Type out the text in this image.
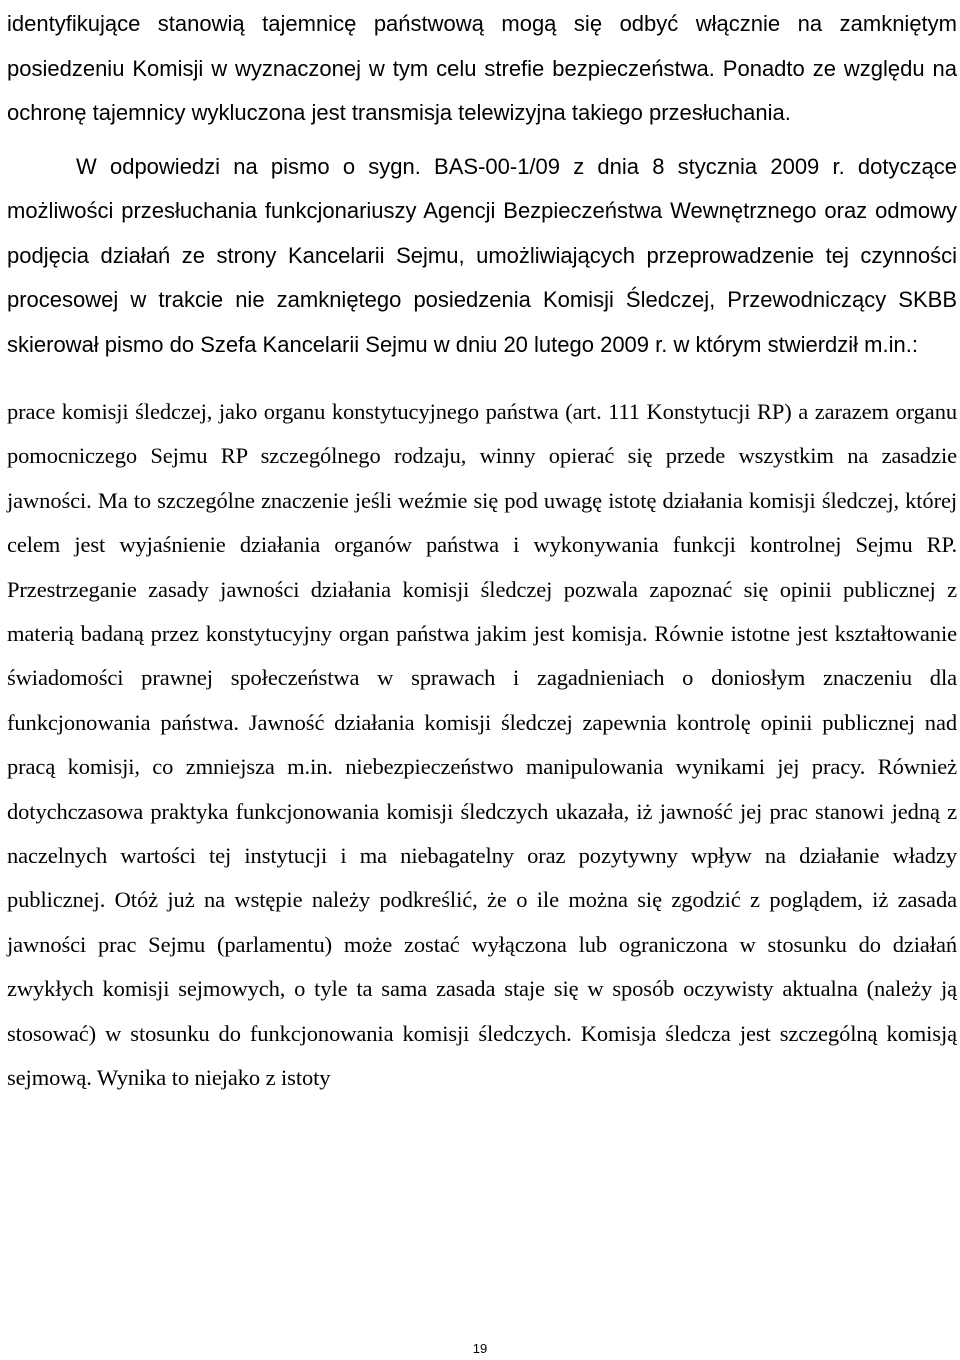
identyfikujące stanowią tajemnicę państwową mogą się odbyć włącznie na zamkniętym posiedzeniu Komisji w wyznaczonej w tym celu strefie bezpieczeństwa. Ponadto ze względu na ochronę tajemnicy wykluczona jest transmisja telewizyjna takiego przesłuchania.

W odpowiedzi na pismo o sygn. BAS-00-1/09 z dnia 8 stycznia 2009 r. dotyczące możliwości przesłuchania funkcjonariuszy Agencji Bezpieczeństwa Wewnętrznego oraz odmowy podjęcia działań ze strony Kancelarii Sejmu, umożliwiających przeprowadzenie tej czynności procesowej w trakcie nie zamkniętego posiedzenia Komisji Śledczej, Przewodniczący SKBB skierował pismo do Szefa Kancelarii Sejmu w dniu 20 lutego 2009 r. w którym stwierdził m.in.:

prace komisji śledczej, jako organu konstytucyjnego państwa (art. 111 Konstytucji RP) a zarazem organu pomocniczego Sejmu RP szczególnego rodzaju, winny opierać się przede wszystkim na zasadzie jawności. Ma to szczególne znaczenie jeśli weźmie się pod uwagę istotę działania komisji śledczej, której celem jest wyjaśnienie działania organów państwa i wykonywania funkcji kontrolnej Sejmu RP. Przestrzeganie zasady jawności działania komisji śledczej pozwala zapoznać się opinii publicznej z materią badaną przez konstytucyjny organ państwa jakim jest komisja. Równie istotne jest kształtowanie świadomości prawnej społeczeństwa w sprawach i zagadnieniach o doniosłym znaczeniu dla funkcjonowania państwa. Jawność działania komisji śledczej zapewnia kontrolę opinii publicznej nad pracą komisji, co zmniejsza m.in. niebezpieczeństwo manipulowania wynikami jej pracy. Również dotychczasowa praktyka funkcjonowania komisji śledczych ukazała, iż jawność jej prac stanowi jedną z naczelnych wartości tej instytucji i ma niebagatelny oraz pozytywny wpływ na działanie władzy publicznej. Otóż już na wstępie należy podkreślić, że o ile można się zgodzić z poglądem, iż zasada jawności prac Sejmu (parlamentu) może zostać wyłączona lub ograniczona w stosunku do działań zwykłych komisji sejmowych, o tyle ta sama zasada staje się w sposób oczywisty aktualna (należy ją stosować) w stosunku do funkcjonowania komisji śledczych. Komisja śledcza jest szczególną komisją sejmową. Wynika to niejako z istoty

19
